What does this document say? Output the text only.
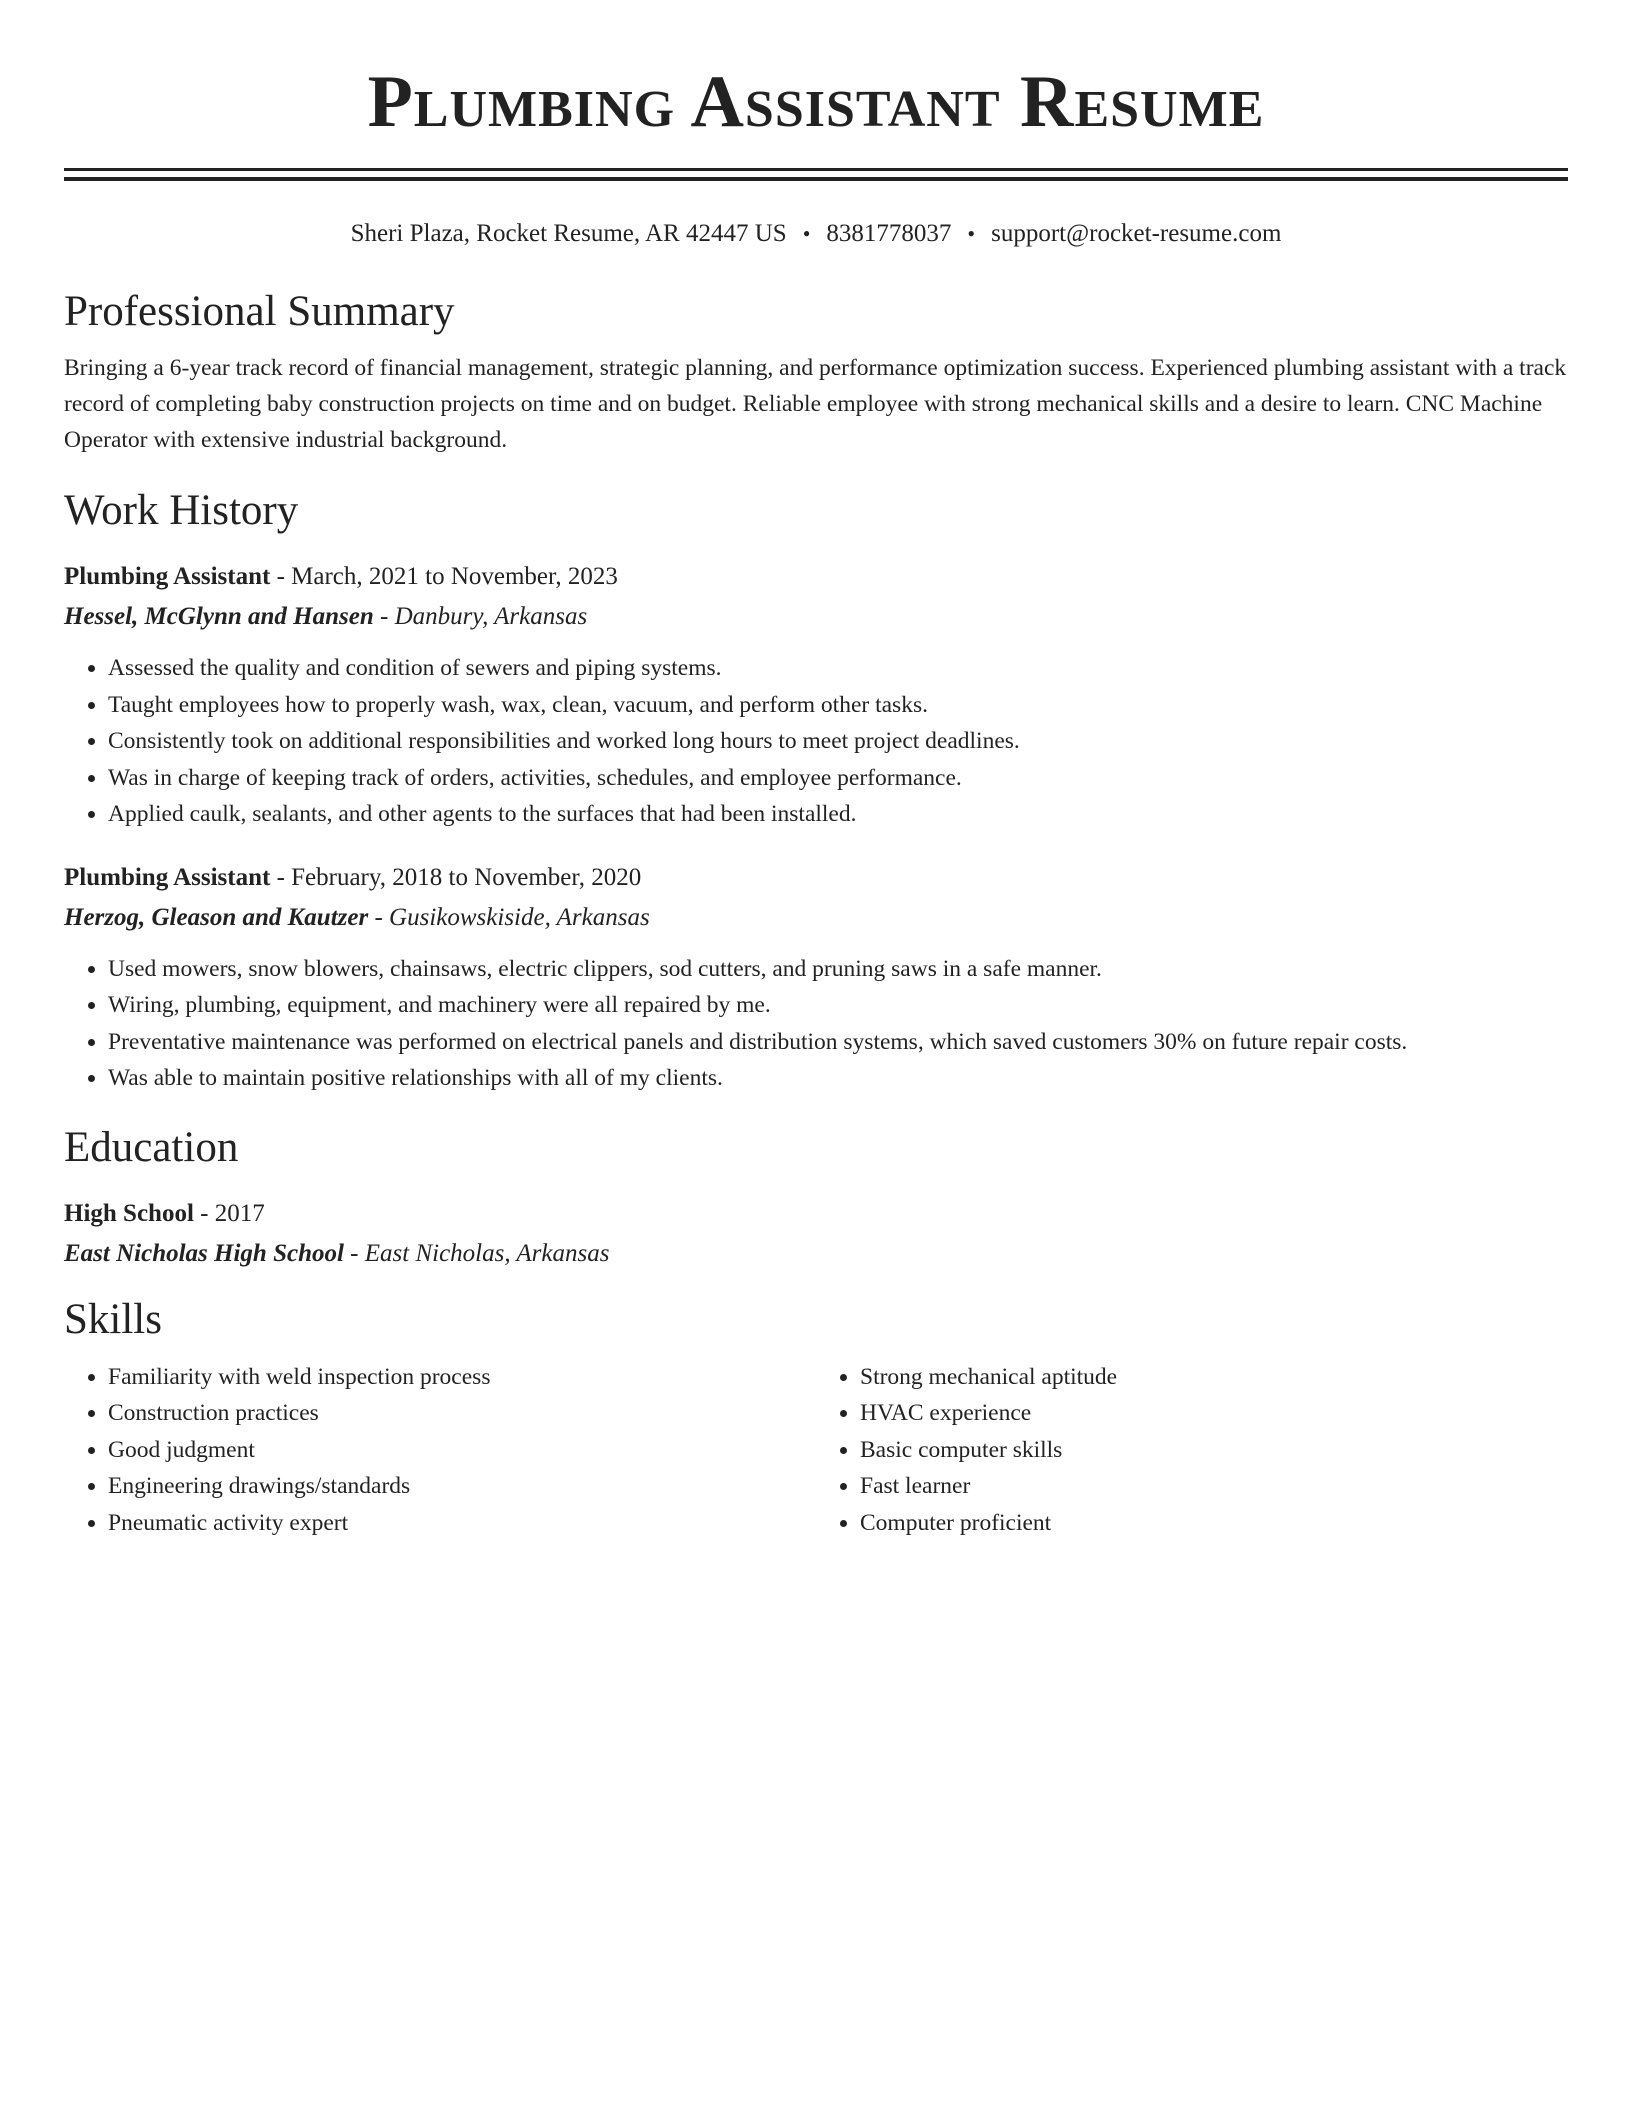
Plumbing Assistant Resume
Sheri Plaza, Rocket Resume, AR 42447 US • 8381778037 • support@rocket-resume.com
Professional Summary
Bringing a 6-year track record of financial management, strategic planning, and performance optimization success. Experienced plumbing assistant with a track record of completing baby construction projects on time and on budget. Reliable employee with strong mechanical skills and a desire to learn. CNC Machine Operator with extensive industrial background.
Work History
Plumbing Assistant - March, 2021 to November, 2023
Hessel, McGlynn and Hansen - Danbury, Arkansas
• Assessed the quality and condition of sewers and piping systems.
• Taught employees how to properly wash, wax, clean, vacuum, and perform other tasks.
• Consistently took on additional responsibilities and worked long hours to meet project deadlines.
• Was in charge of keeping track of orders, activities, schedules, and employee performance.
• Applied caulk, sealants, and other agents to the surfaces that had been installed.
Plumbing Assistant - February, 2018 to November, 2020
Herzog, Gleason and Kautzer - Gusikowskiside, Arkansas
• Used mowers, snow blowers, chainsaws, electric clippers, sod cutters, and pruning saws in a safe manner.
• Wiring, plumbing, equipment, and machinery were all repaired by me.
• Preventative maintenance was performed on electrical panels and distribution systems, which saved customers 30% on future repair costs.
• Was able to maintain positive relationships with all of my clients.
Education
High School - 2017
East Nicholas High School - East Nicholas, Arkansas
Skills
• Familiarity with weld inspection process
• Construction practices
• Good judgment
• Engineering drawings/standards
• Pneumatic activity expert
• Strong mechanical aptitude
• HVAC experience
• Basic computer skills
• Fast learner
• Computer proficient
